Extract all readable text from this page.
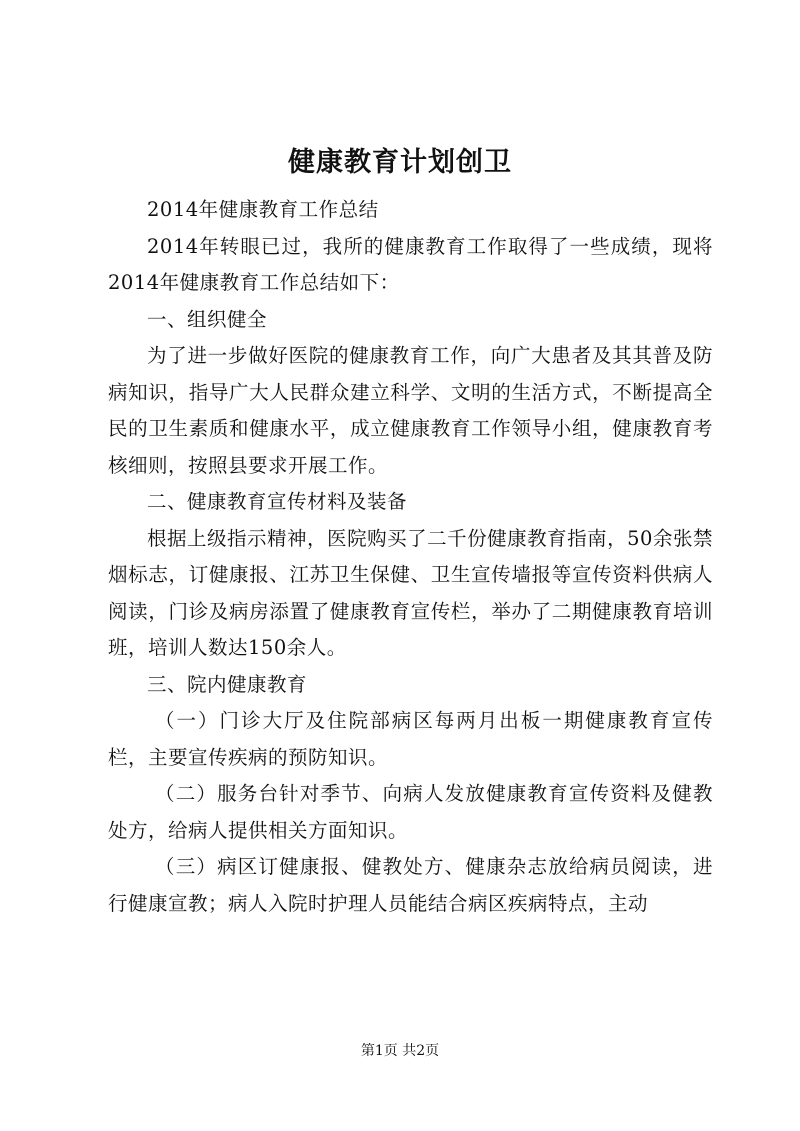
健康教育计划创卫

2014年健康教育工作总结

2014年转眼已过，我所的健康教育工作取得了一些成绩，现将2014年健康教育工作总结如下：

一、组织健全

为了进一步做好医院的健康教育工作，向广大患者及其其普及防病知识，指导广大人民群众建立科学、文明的生活方式，不断提高全民的卫生素质和健康水平，成立健康教育工作领导小组，健康教育考核细则，按照县要求开展工作。

二、健康教育宣传材料及装备

根据上级指示精神，医院购买了二千份健康教育指南，50余张禁烟标志，订健康报、江苏卫生保健、卫生宣传墙报等宣传资料供病人阅读，门诊及病房添置了健康教育宣传栏，举办了二期健康教育培训班，培训人数达150余人。

三、院内健康教育

（一）门诊大厅及住院部病区每两月出板一期健康教育宣传栏，主要宣传疾病的预防知识。

（二）服务台针对季节、向病人发放健康教育宣传资料及健教处方，给病人提供相关方面知识。

（三）病区订健康报、健教处方、健康杂志放给病员阅读，进行健康宣教；病人入院时护理人员能结合病区疾病特点，主动

第1页 共2页
